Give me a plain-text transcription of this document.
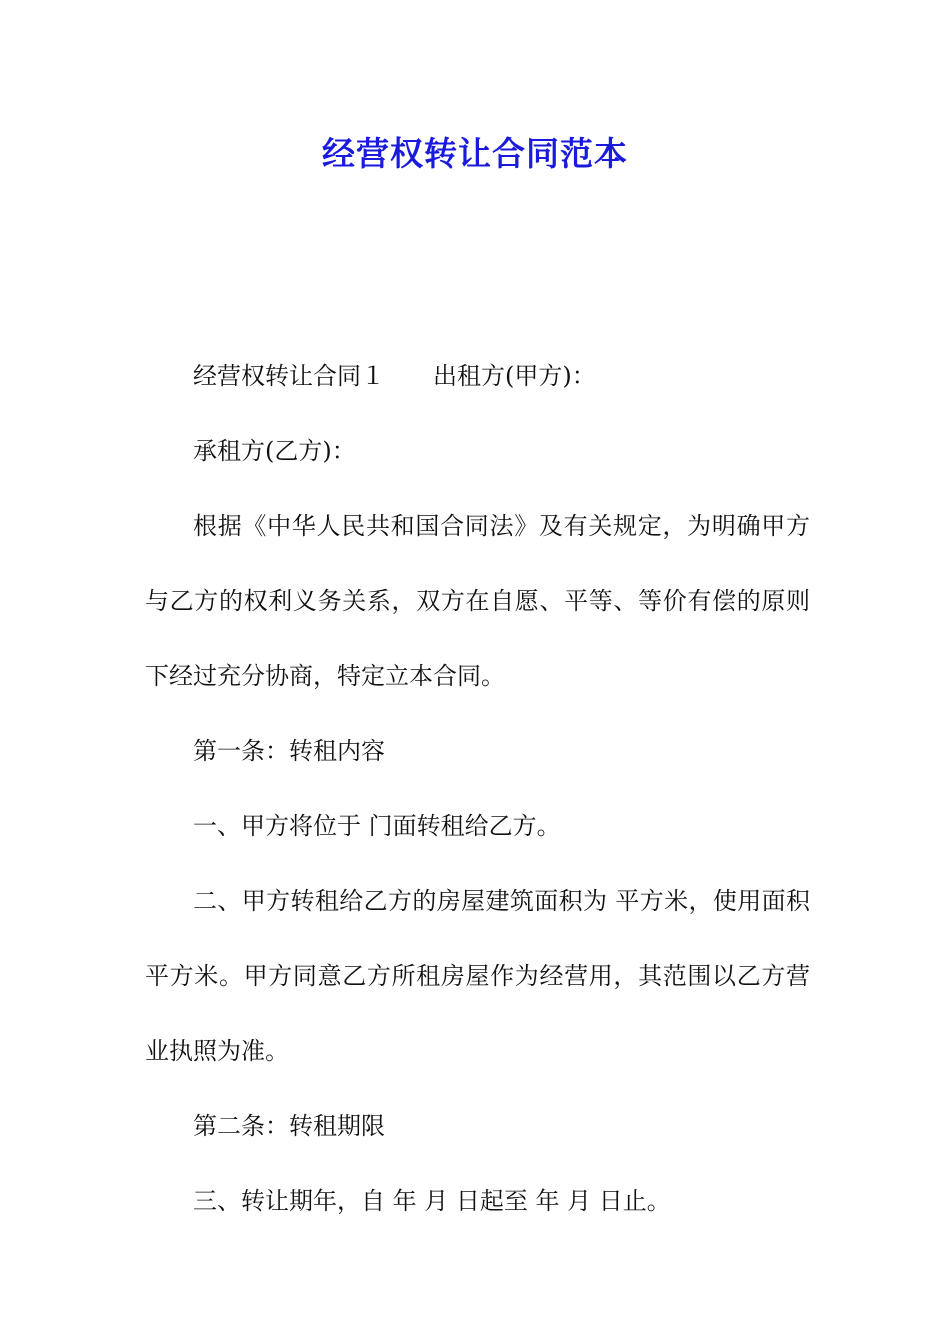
经营权转让合同范本

经营权转让合同１ 出租方(甲方)：

承租方(乙方)：

根据《中华人民共和国合同法》及有关规定，为明确甲方与乙方的权利义务关系，双方在自愿、平等、等价有偿的原则下经过充分协商，特定立本合同。

第一条：转租内容

一、甲方将位于 门面转租给乙方。

二、甲方转租给乙方的房屋建筑面积为 平方米，使用面积 平方米。甲方同意乙方所租房屋作为经营用，其范围以乙方营业执照为准。

第二条：转租期限

三、转让期年，自 年 月 日起至 年 月 日止。
